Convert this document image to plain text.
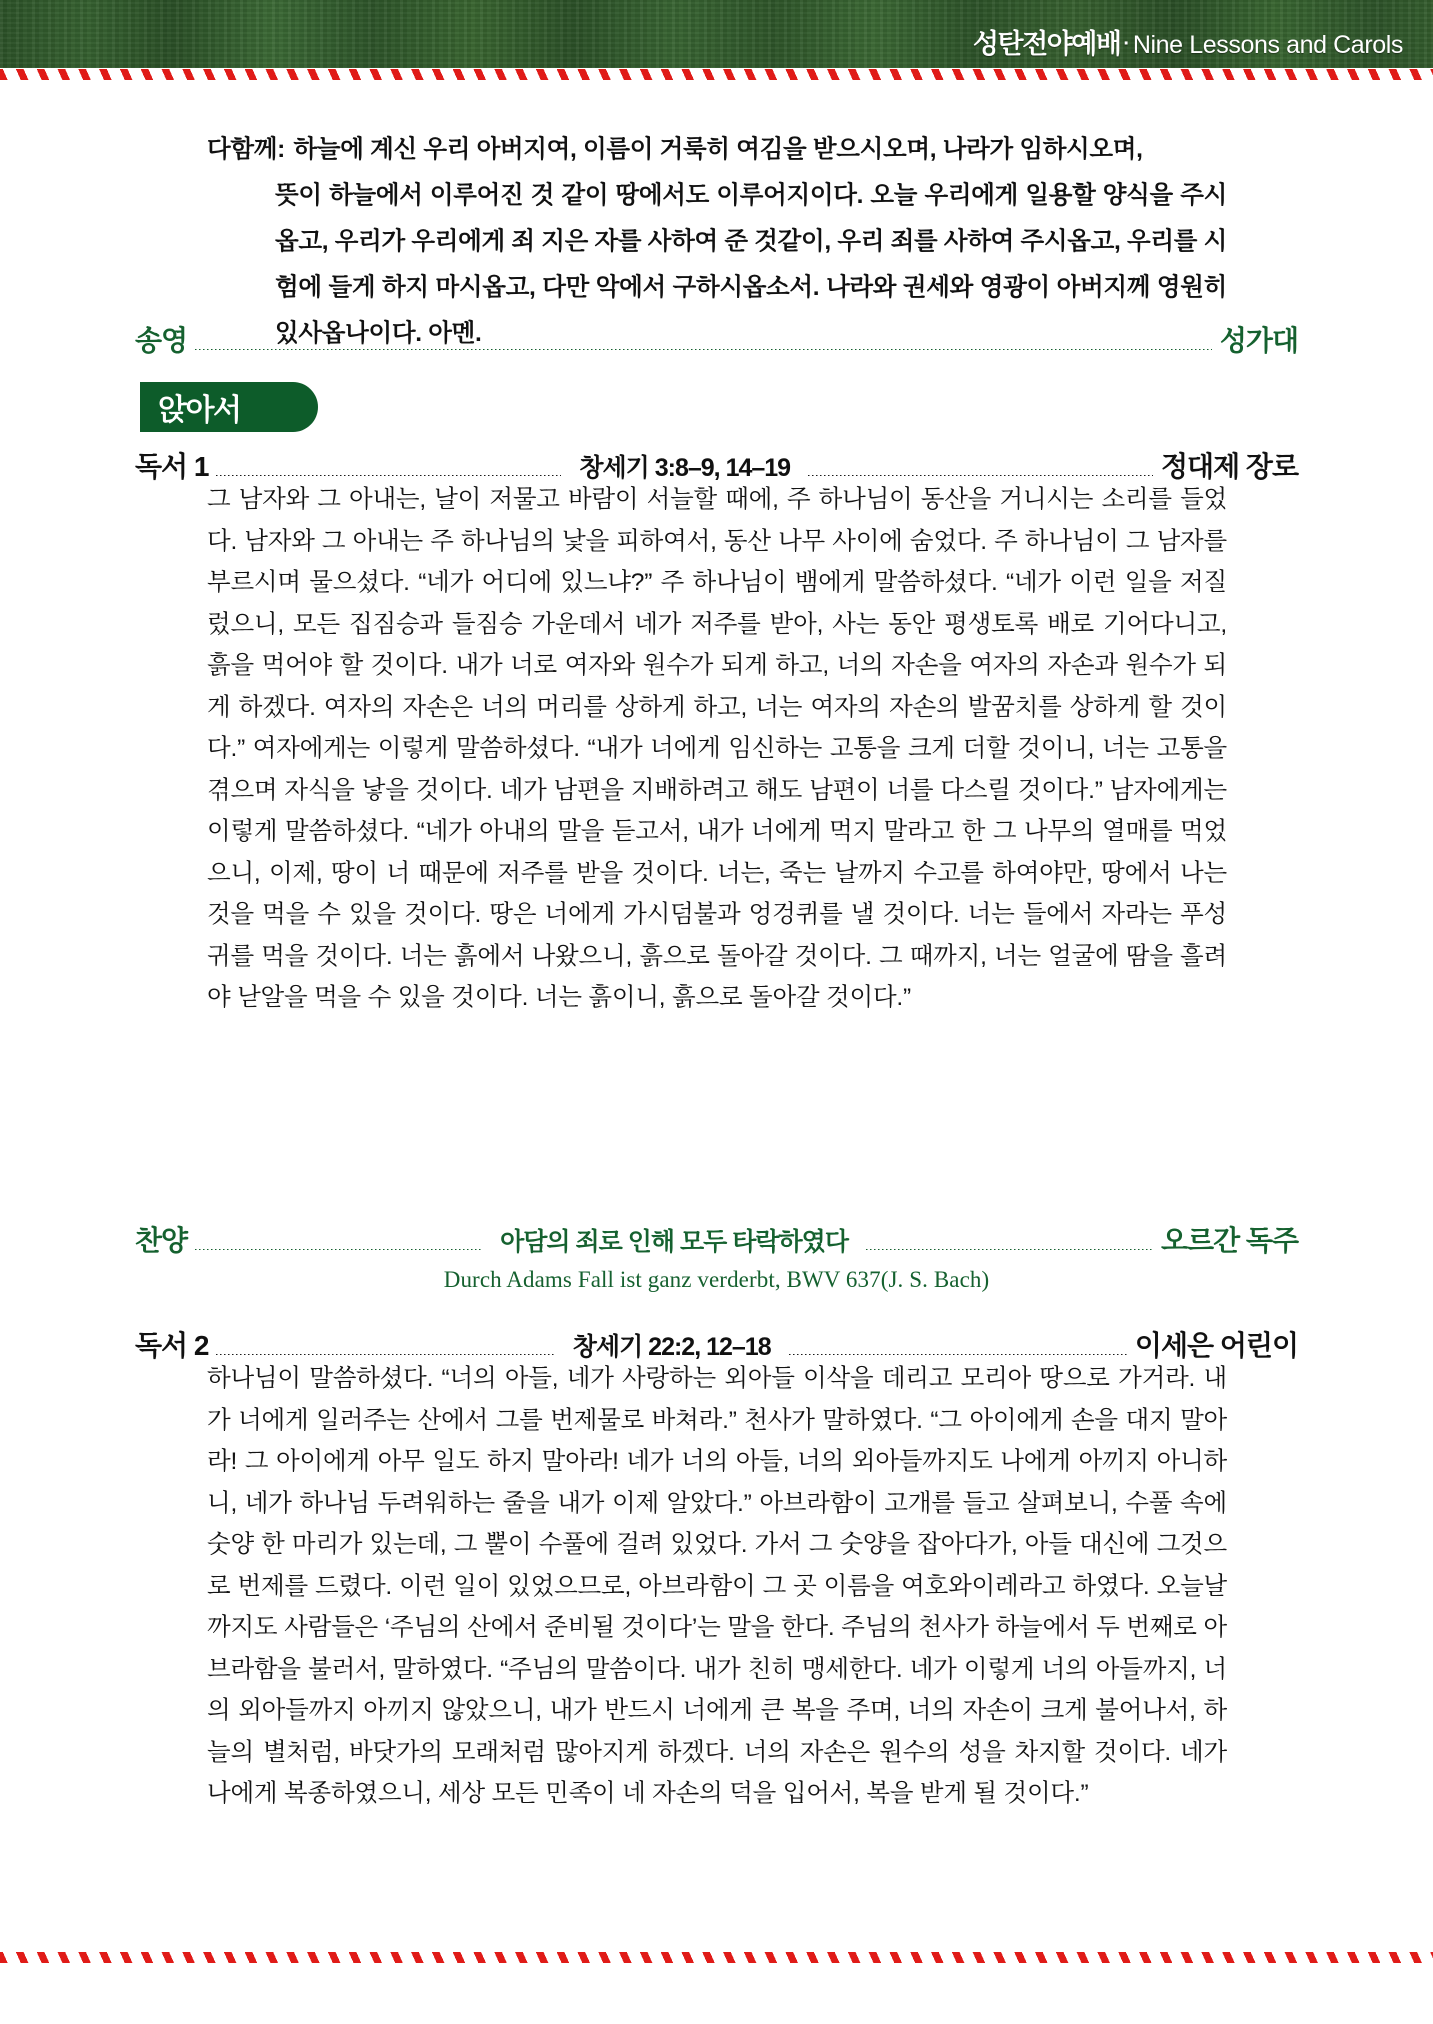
성탄전야예배 · Nine Lessons and Carols
다함께: 하늘에 계신 우리 아버지여, 이름이 거룩히 여김을 받으시오며, 나라가 임하시오며,
뜻이 하늘에서 이루어진 것 같이 땅에서도 이루어지이다. 오늘 우리에게 일용할 양식을 주시옵고, 우리가 우리에게 죄 지은 자를 사하여 준 것같이, 우리 죄를 사하여 주시옵고, 우리를 시험에 들게 하지 마시옵고, 다만 악에서 구하시옵소서. 나라와 권세와 영광이 아버지께 영원히 있사옵나이다. 아멘.
송영	성가대
앉아서
독서 1	창세기 3:8–9, 14–19	정대제 장로
그 남자와 그 아내는, 날이 저물고 바람이 서늘할 때에, 주 하나님이 동산을 거니시는 소리를 들었다. 남자와 그 아내는 주 하나님의 낯을 피하여서, 동산 나무 사이에 숨었다. 주 하나님이 그 남자를 부르시며 물으셨다. “네가 어디에 있느냐?” 주 하나님이 뱀에게 말씀하셨다. “네가 이런 일을 저질렀으니, 모든 집짐승과 들짐승 가운데서 네가 저주를 받아, 사는 동안 평생토록 배로 기어다니고, 흙을 먹어야 할 것이다. 내가 너로 여자와 원수가 되게 하고, 너의 자손을 여자의 자손과 원수가 되게 하겠다. 여자의 자손은 너의 머리를 상하게 하고, 너는 여자의 자손의 발꿈치를 상하게 할 것이다.” 여자에게는 이렇게 말씀하셨다. “내가 너에게 임신하는 고통을 크게 더할 것이니, 너는 고통을 겪으며 자식을 낳을 것이다. 네가 남편을 지배하려고 해도 남편이 너를 다스릴 것이다.” 남자에게는 이렇게 말씀하셨다. “네가 아내의 말을 듣고서, 내가 너에게 먹지 말라고 한 그 나무의 열매를 먹었으니, 이제, 땅이 너 때문에 저주를 받을 것이다. 너는, 죽는 날까지 수고를 하여야만, 땅에서 나는 것을 먹을 수 있을 것이다. 땅은 너에게 가시덤불과 엉겅퀴를 낼 것이다. 너는 들에서 자라는 푸성귀를 먹을 것이다. 너는 흙에서 나왔으니, 흙으로 돌아갈 것이다. 그 때까지, 너는 얼굴에 땀을 흘려야 낟알을 먹을 수 있을 것이다. 너는 흙이니, 흙으로 돌아갈 것이다.”
찬양	아담의 죄로 인해 모두 타락하였다	오르간 독주
Durch Adams Fall ist ganz verderbt, BWV 637(J. S. Bach)
독서 2	창세기 22:2, 12–18	이세은 어린이
하나님이 말씀하셨다. “너의 아들, 네가 사랑하는 외아들 이삭을 데리고 모리아 땅으로 가거라. 내가 너에게 일러주는 산에서 그를 번제물로 바쳐라.” 천사가 말하였다. “그 아이에게 손을 대지 말아라! 그 아이에게 아무 일도 하지 말아라! 네가 너의 아들, 너의 외아들까지도 나에게 아끼지 아니하니, 네가 하나님 두려워하는 줄을 내가 이제 알았다.” 아브라함이 고개를 들고 살펴보니, 수풀 속에 숫양 한 마리가 있는데, 그 뿔이 수풀에 걸려 있었다. 가서 그 숫양을 잡아다가, 아들 대신에 그것으로 번제를 드렸다. 이런 일이 있었으므로, 아브라함이 그 곳 이름을 여호와이레라고 하였다. 오늘날까지도 사람들은 ‘주님의 산에서 준비될 것이다’는 말을 한다. 주님의 천사가 하늘에서 두 번째로 아브라함을 불러서, 말하였다. “주님의 말씀이다. 내가 친히 맹세한다. 네가 이렇게 너의 아들까지, 너의 외아들까지 아끼지 않았으니, 내가 반드시 너에게 큰 복을 주며, 너의 자손이 크게 불어나서, 하늘의 별처럼, 바닷가의 모래처럼 많아지게 하겠다. 너의 자손은 원수의 성을 차지할 것이다. 네가 나에게 복종하였으니, 세상 모든 민족이 네 자손의 덕을 입어서, 복을 받게 될 것이다.”
